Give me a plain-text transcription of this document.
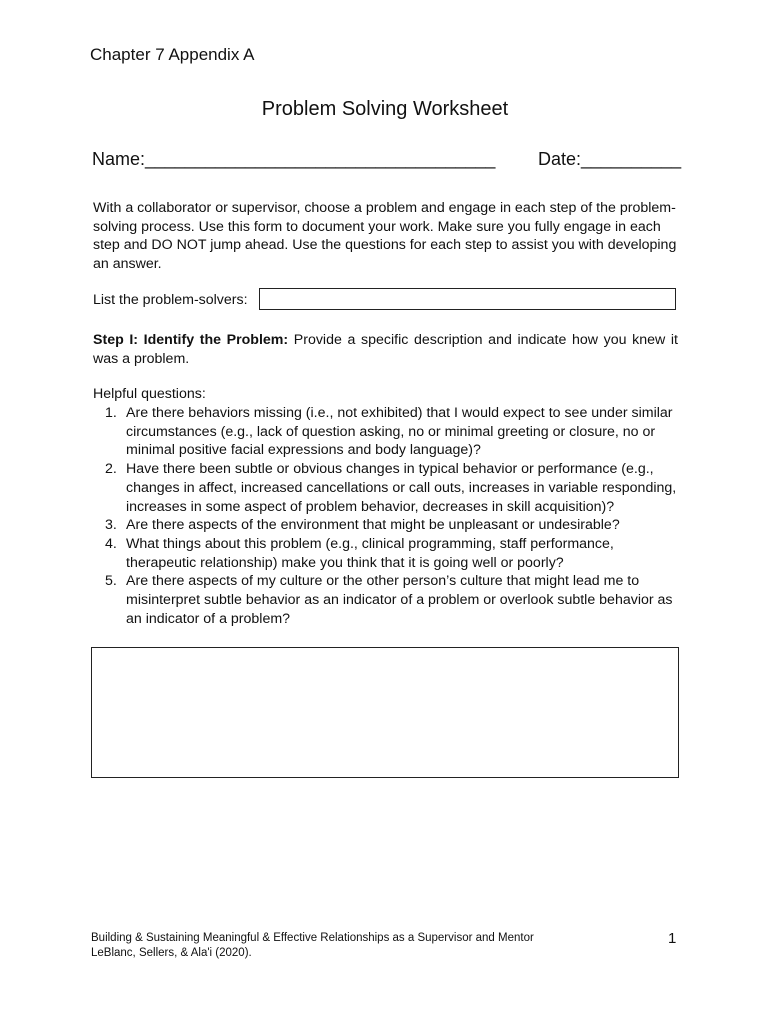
Chapter 7 Appendix A
Problem Solving Worksheet
Name:___________________________________ Date:__________
With a collaborator or supervisor, choose a problem and engage in each step of the problem-solving process. Use this form to document your work. Make sure you fully engage in each step and DO NOT jump ahead. Use the questions for each step to assist you with developing an answer.
List the problem-solvers:
Step I: Identify the Problem: Provide a specific description and indicate how you knew it was a problem.
Helpful questions:
1. Are there behaviors missing (i.e., not exhibited) that I would expect to see under similar circumstances (e.g., lack of question asking, no or minimal greeting or closure, no or minimal positive facial expressions and body language)?
2. Have there been subtle or obvious changes in typical behavior or performance (e.g., changes in affect, increased cancellations or call outs, increases in variable responding, increases in some aspect of problem behavior, decreases in skill acquisition)?
3. Are there aspects of the environment that might be unpleasant or undesirable?
4. What things about this problem (e.g., clinical programming, staff performance, therapeutic relationship) make you think that it is going well or poorly?
5. Are there aspects of my culture or the other person’s culture that might lead me to misinterpret subtle behavior as an indicator of a problem or overlook subtle behavior as an indicator of a problem?
Building & Sustaining Meaningful & Effective Relationships as a Supervisor and Mentor
LeBlanc, Sellers, & Ala'i (2020).
1
